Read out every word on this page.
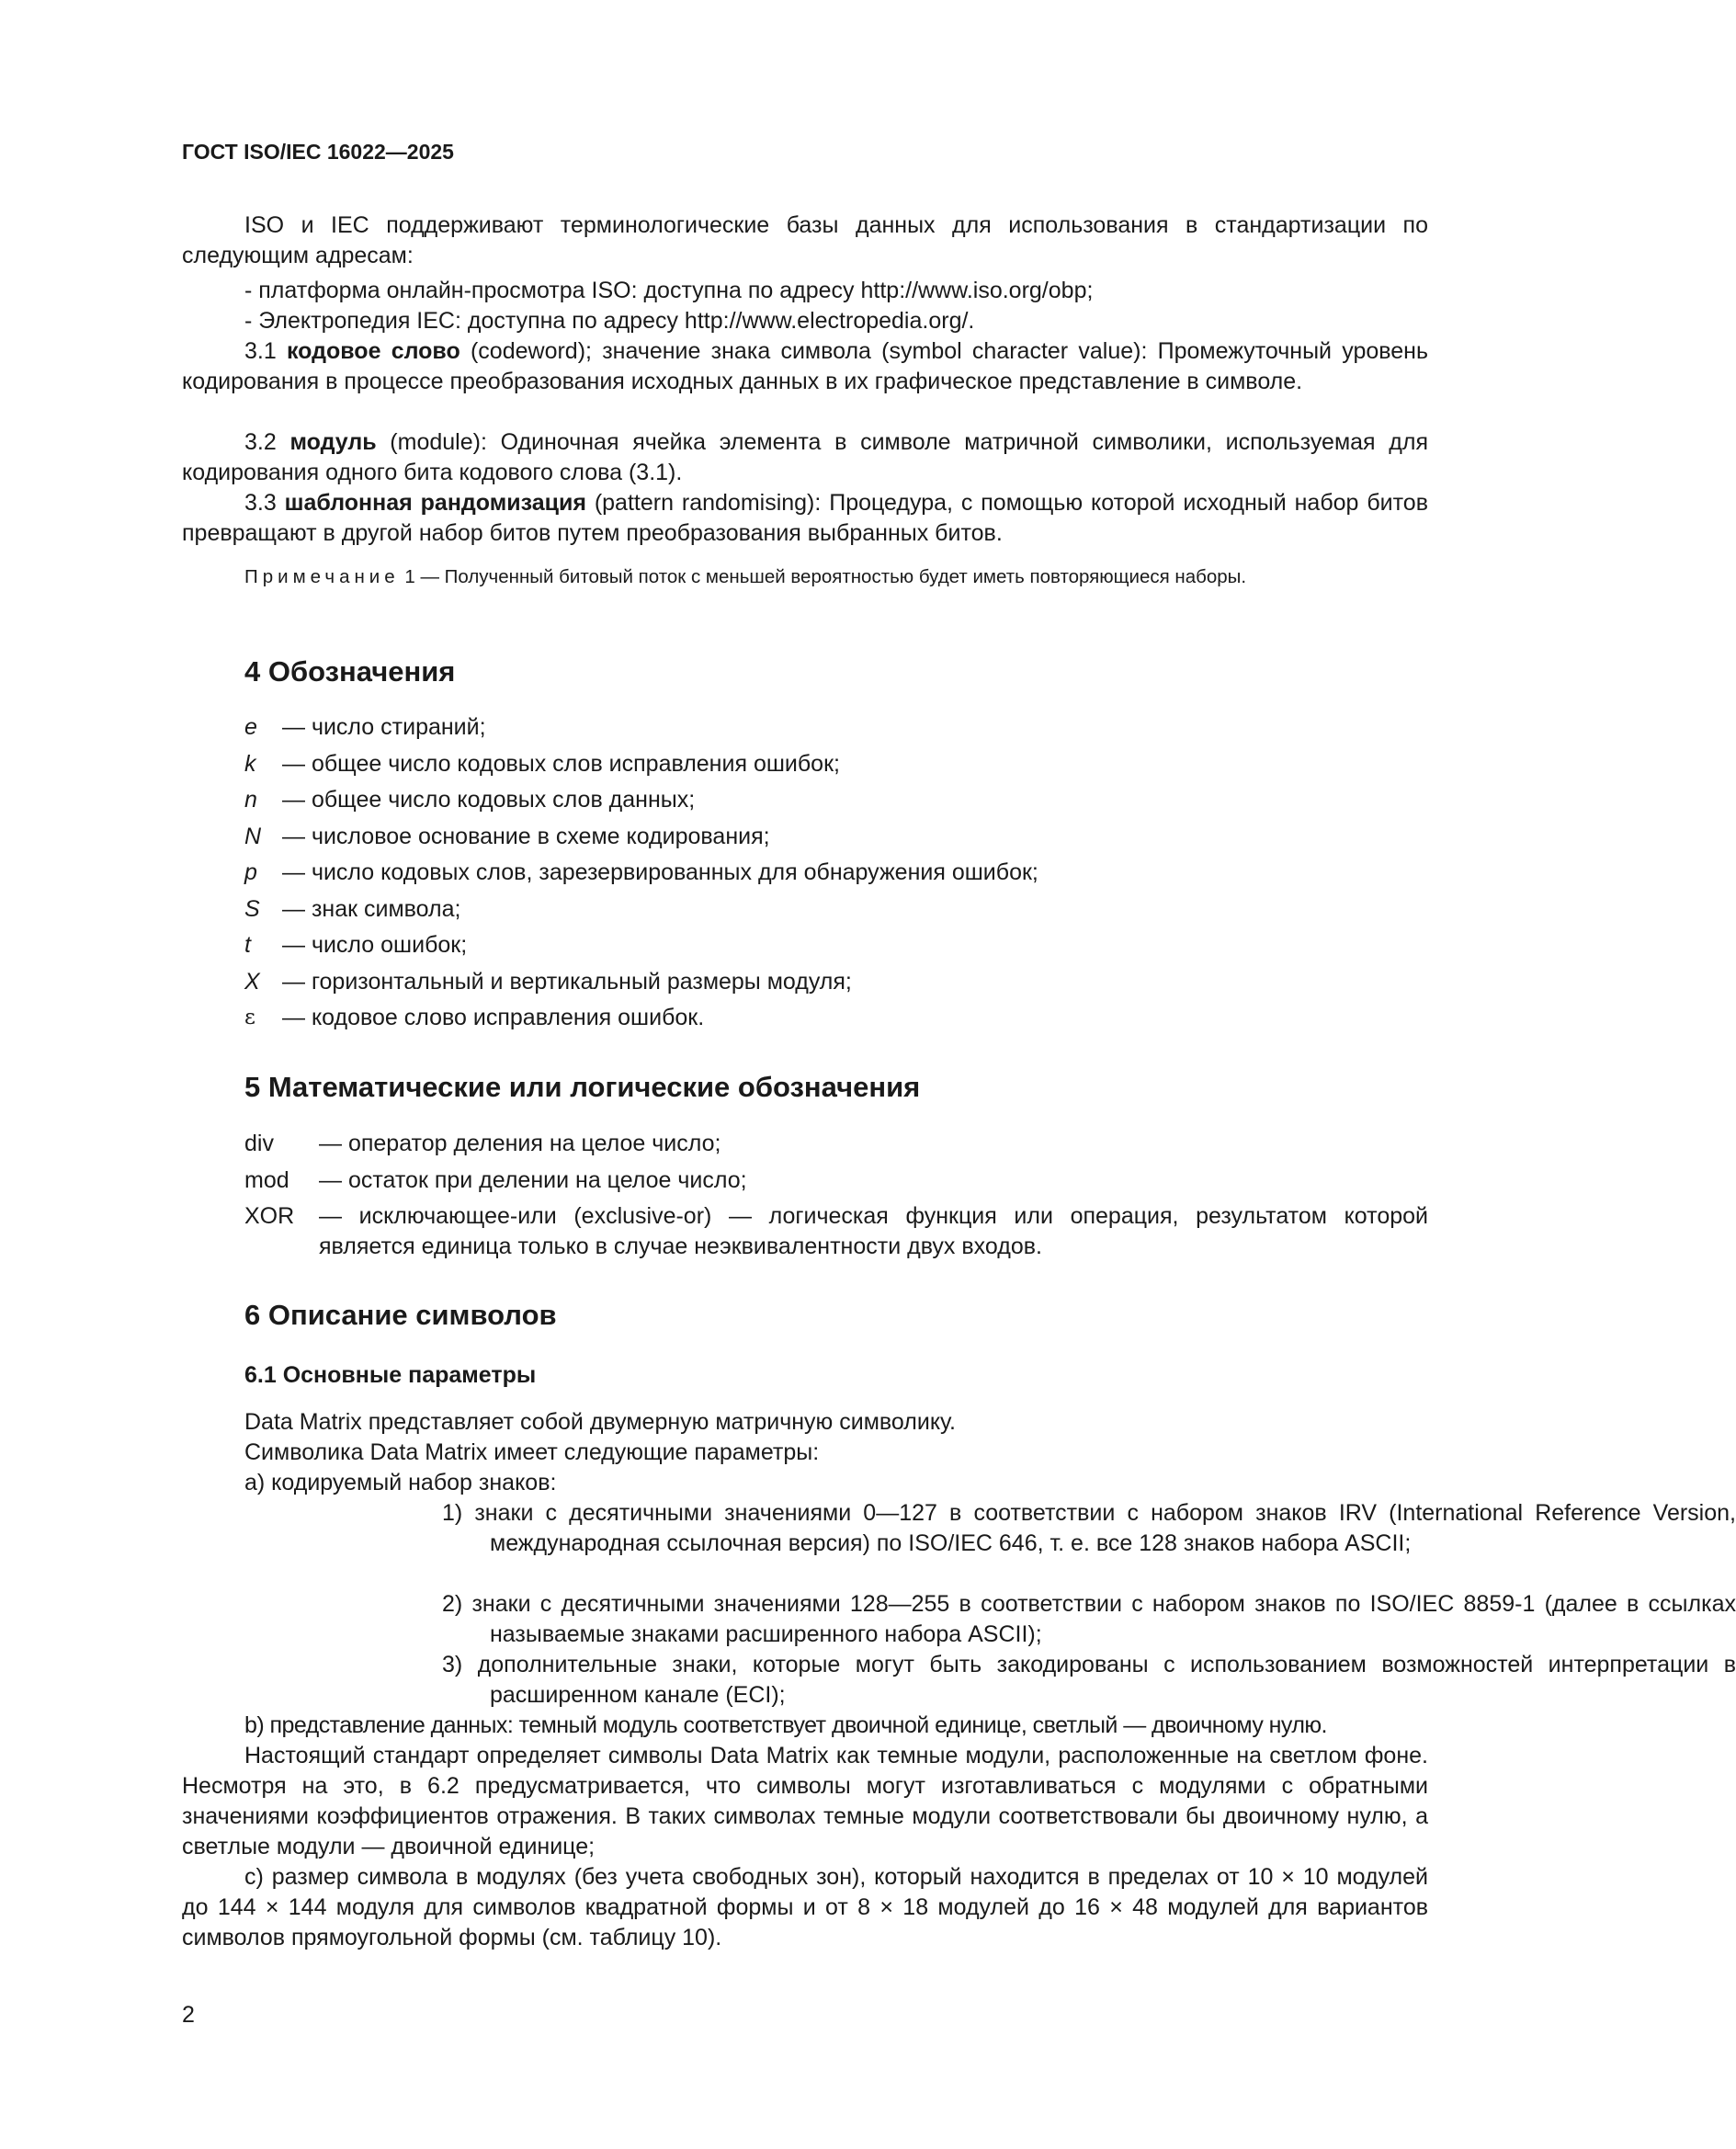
ГОСТ ISO/IEC 16022—2025

ISO и IEC поддерживают терминологические базы данных для использования в стандартизации по следующим адресам:

- платформа онлайн-просмотра ISO: доступна по адресу http://www.iso.org/obp;

- Электропедия IEC: доступна по адресу http://www.electropedia.org/.

3.1 кодовое слово (codeword); значение знака символа (symbol character value): Промежуточный уровень кодирования в процессе преобразования исходных данных в их графическое представление в символе.

3.2 модуль (module): Одиночная ячейка элемента в символе матричной символики, используемая для кодирования одного бита кодового слова (3.1).

3.3 шаблонная рандомизация (pattern randomising): Процедура, с помощью которой исходный набор битов превращают в другой набор битов путем преобразования выбранных битов.

Примечание 1 — Полученный битовый поток с меньшей вероятностью будет иметь повторяющиеся наборы.

4 Обозначения
e	— число стираний;
k	— общее число кодовых слов исправления ошибок;
n	— общее число кодовых слов данных;
N — числовое основание в схеме кодирования;
p	— число кодовых слов, зарезервированных для обнаружения ошибок;
S — знак символа;
t	— число ошибок;
X — горизонтальный и вертикальный размеры модуля;
ε	— кодовое слово исправления ошибок.
5 Математические или логические обозначения
div	— оператор деления на целое число;
mod	— остаток при делении на целое число;
XOR	— исключающее-или (exclusive-or) — логическая функция или операция, результатом которой является единица только в случае неэквивалентности двух входов.
6 Описание символов
6.1 Основные параметры

Data Matrix представляет собой двумерную матричную символику.

Символика Data Matrix имеет следующие параметры:

а) кодируемый набор знаков:

1) знаки с десятичными значениями 0—127 в соответствии с набором знаков IRV (International Reference Version, международная ссылочная версия) по ISO/IEC 646, т. е. все 128 знаков набора ASCII;

2) знаки с десятичными значениями 128—255 в соответствии с набором знаков по ISO/IEC 8859-1 (далее в ссылках называемые знаками расширенного набора ASCII);

3) дополнительные знаки, которые могут быть закодированы с использованием возможностей интерпретации в расширенном канале (ECI);

b) представление данных: темный модуль соответствует двоичной единице, светлый — двоичному нулю.

Настоящий стандарт определяет символы Data Matrix как темные модули, расположенные на светлом фоне. Несмотря на это, в 6.2 предусматривается, что символы могут изготавливаться с модулями с обратными значениями коэффициентов отражения. В таких символах темные модули соответствовали бы двоичному нулю, а светлые модули — двоичной единице;

c) размер символа в модулях (без учета свободных зон), который находится в пределах от 10 × 10 модулей до 144 × 144 модуля для символов квадратной формы и от 8 × 18 модулей до 16 × 48 модулей для вариантов символов прямоугольной формы (см. таблицу 10).

2
